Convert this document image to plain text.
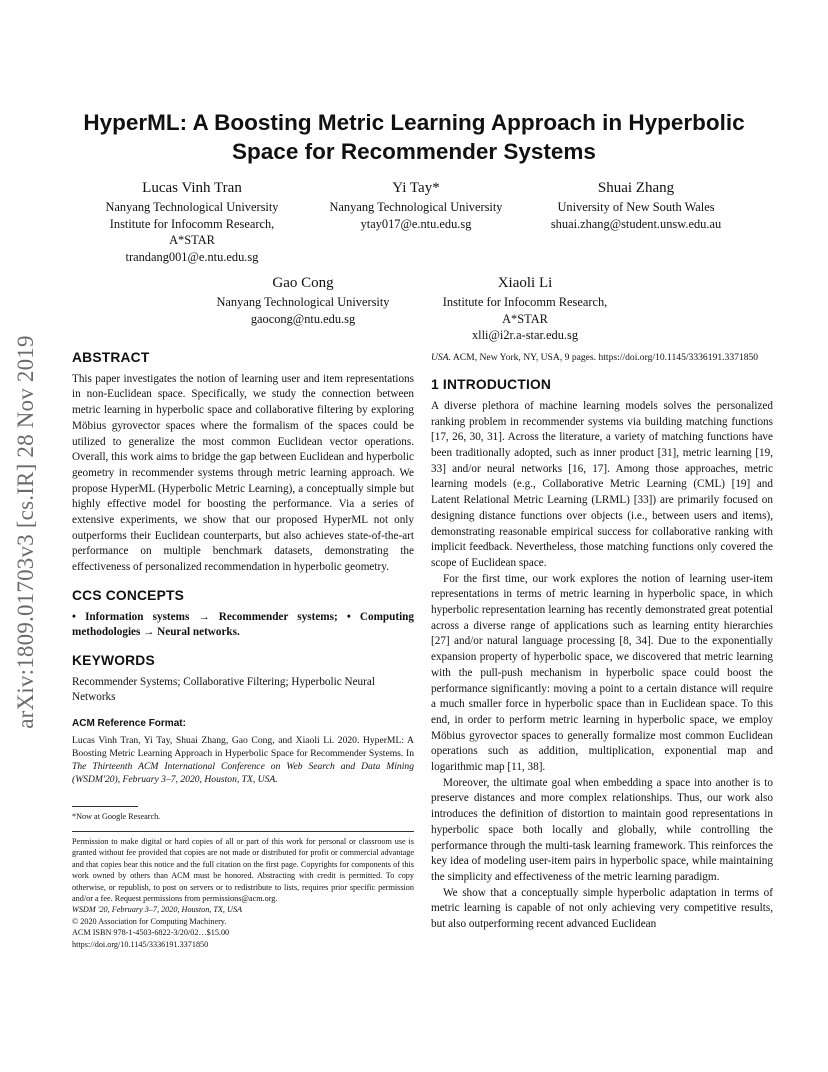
arXiv:1809.01703v3 [cs.IR] 28 Nov 2019
HyperML: A Boosting Metric Learning Approach in Hyperbolic
Space for Recommender Systems
Lucas Vinh Tran
Nanyang Technological University
Institute for Infocomm Research,
A*STAR
trandang001@e.ntu.edu.sg
Yi Tay*
Nanyang Technological University
ytay017@e.ntu.edu.sg
Shuai Zhang
University of New South Wales
shuai.zhang@student.unsw.edu.au
Gao Cong
Nanyang Technological University
gaocong@ntu.edu.sg
Xiaoli Li
Institute for Infocomm Research,
A*STAR
xlli@i2r.a-star.edu.sg
ABSTRACT

This paper investigates the notion of learning user and item representations in non-Euclidean space. Specifically, we study the connection between metric learning in hyperbolic space and collaborative filtering by exploring Möbius gyrovector spaces where the formalism of the spaces could be utilized to generalize the most common Euclidean vector operations. Overall, this work aims to bridge the gap between Euclidean and hyperbolic geometry in recommender systems through metric learning approach. We propose HyperML (Hyperbolic Metric Learning), a conceptually simple but highly effective model for boosting the performance. Via a series of extensive experiments, we show that our proposed HyperML not only outperforms their Euclidean counterparts, but also achieves state-of-the-art performance on multiple benchmark datasets, demonstrating the effectiveness of personalized recommendation in hyperbolic geometry.

CCS CONCEPTS

• Information systems → Recommender systems; • Computing methodologies → Neural networks.

KEYWORDS

Recommender Systems; Collaborative Filtering; Hyperbolic Neural Networks

ACM Reference Format:

Lucas Vinh Tran, Yi Tay, Shuai Zhang, Gao Cong, and Xiaoli Li. 2020. HyperML: A Boosting Metric Learning Approach in Hyperbolic Space for Recommender Systems. In The Thirteenth ACM International Conference on Web Search and Data Mining (WSDM'20), February 3–7, 2020, Houston, TX, USA.

*Now at Google Research.
Permission to make digital or hard copies of all or part of this work for personal or classroom use is granted without fee provided that copies are not made or distributed for profit or commercial advantage and that copies bear this notice and the full citation on the first page. Copyrights for components of this work owned by others than ACM must be honored. Abstracting with credit is permitted. To copy otherwise, or republish, to post on servers or to redistribute to lists, requires prior specific permission and/or a fee. Request permissions from permissions@acm.org.
WSDM '20, February 3–7, 2020, Houston, TX, USA
© 2020 Association for Computing Machinery.
ACM ISBN 978-1-4503-6822-3/20/02…$15.00
https://doi.org/10.1145/3336191.3371850

USA. ACM, New York, NY, USA, 9 pages. https://doi.org/10.1145/3336191.3371850

1 INTRODUCTION

A diverse plethora of machine learning models solves the personalized ranking problem in recommender systems via building matching functions [17, 26, 30, 31]. Across the literature, a variety of matching functions have been traditionally adopted, such as inner product [31], metric learning [19, 33] and/or neural networks [16, 17]. Among those approaches, metric learning models (e.g., Collaborative Metric Learning (CML) [19] and Latent Relational Metric Learning (LRML) [33]) are primarily focused on designing distance functions over objects (i.e., between users and items), demonstrating reasonable empirical success for collaborative ranking with implicit feedback. Nevertheless, those matching functions only covered the scope of Euclidean space.

For the first time, our work explores the notion of learning user-item representations in terms of metric learning in hyperbolic space, in which hyperbolic representation learning has recently demonstrated great potential across a diverse range of applications such as learning entity hierarchies [27] and/or natural language processing [8, 34]. Due to the exponentially expansion property of hyperbolic space, we discovered that metric learning with the pull-push mechanism in hyperbolic space could boost the performance significantly: moving a point to a certain distance will require a much smaller force in hyperbolic space than in Euclidean space. To this end, in order to perform metric learning in hyperbolic space, we employ Möbius gyrovector spaces to generally formalize most common Euclidean operations such as addition, multiplication, exponential map and logarithmic map [11, 38].

Moreover, the ultimate goal when embedding a space into another is to preserve distances and more complex relationships. Thus, our work also introduces the definition of distortion to maintain good representations in hyperbolic space both locally and globally, while controlling the performance through the multi-task learning framework. This reinforces the key idea of modeling user-item pairs in hyperbolic space, while maintaining the simplicity and effectiveness of the metric learning paradigm.

We show that a conceptually simple hyperbolic adaptation in terms of metric learning is capable of not only achieving very competitive results, but also outperforming recent advanced Euclidean
